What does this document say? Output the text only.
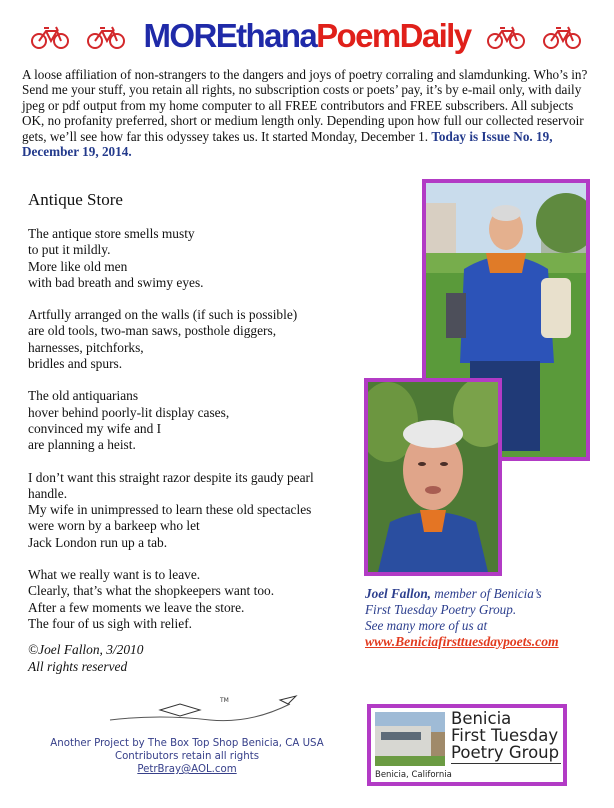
MOREthanaPoemDaily
A loose affiliation of non-strangers to the dangers and joys of poetry corraling and slamdunking. Who’s in? Send me your stuff, you retain all rights, no subscription costs or poets’ pay, it’s by e-mail only, with daily jpeg or pdf output from my home computer to all FREE contributors and FREE subscribers. All subjects OK, no profanity preferred, short or medium length only. Depending upon how full our collected reservoir gets, we’ll see how far this odyssey takes us. It started Monday, December 1. Today is Issue No. 19, December 19, 2014.
Antique Store
The antique store smells musty
to put it mildly.
More like old men
with bad breath and swimy eyes.
Artfully arranged on the walls (if such is possible)
are old tools, two-man saws, posthole diggers,
harnesses, pitchforks,
bridles and spurs.
The old antiquarians
hover behind poorly-lit display cases,
convinced my wife and I
are planning a heist.
I don’t want this straight razor despite its gaudy pearl
handle.
My wife in unimpressed to learn these old spectacles
were worn by a barkeep who let
Jack London run up a tab.
What we really want is to leave.
Clearly, that’s what the shopkeepers want too.
After a few moments we leave the store.
The four of us sigh with relief.
©Joel Fallon, 3/2010
All rights reserved
Joel Fallon, member of Benicia’s
First Tuesday Poetry Group.
See many more of us at
www.Beniciafirsttuesdaypoets.com
TM
Another Project by The Box Top Shop Benicia, CA USA
Contributors retain all rights
PetrBray@AOL.com
Benicia
First Tuesday
Poetry Group
Benicia, California
